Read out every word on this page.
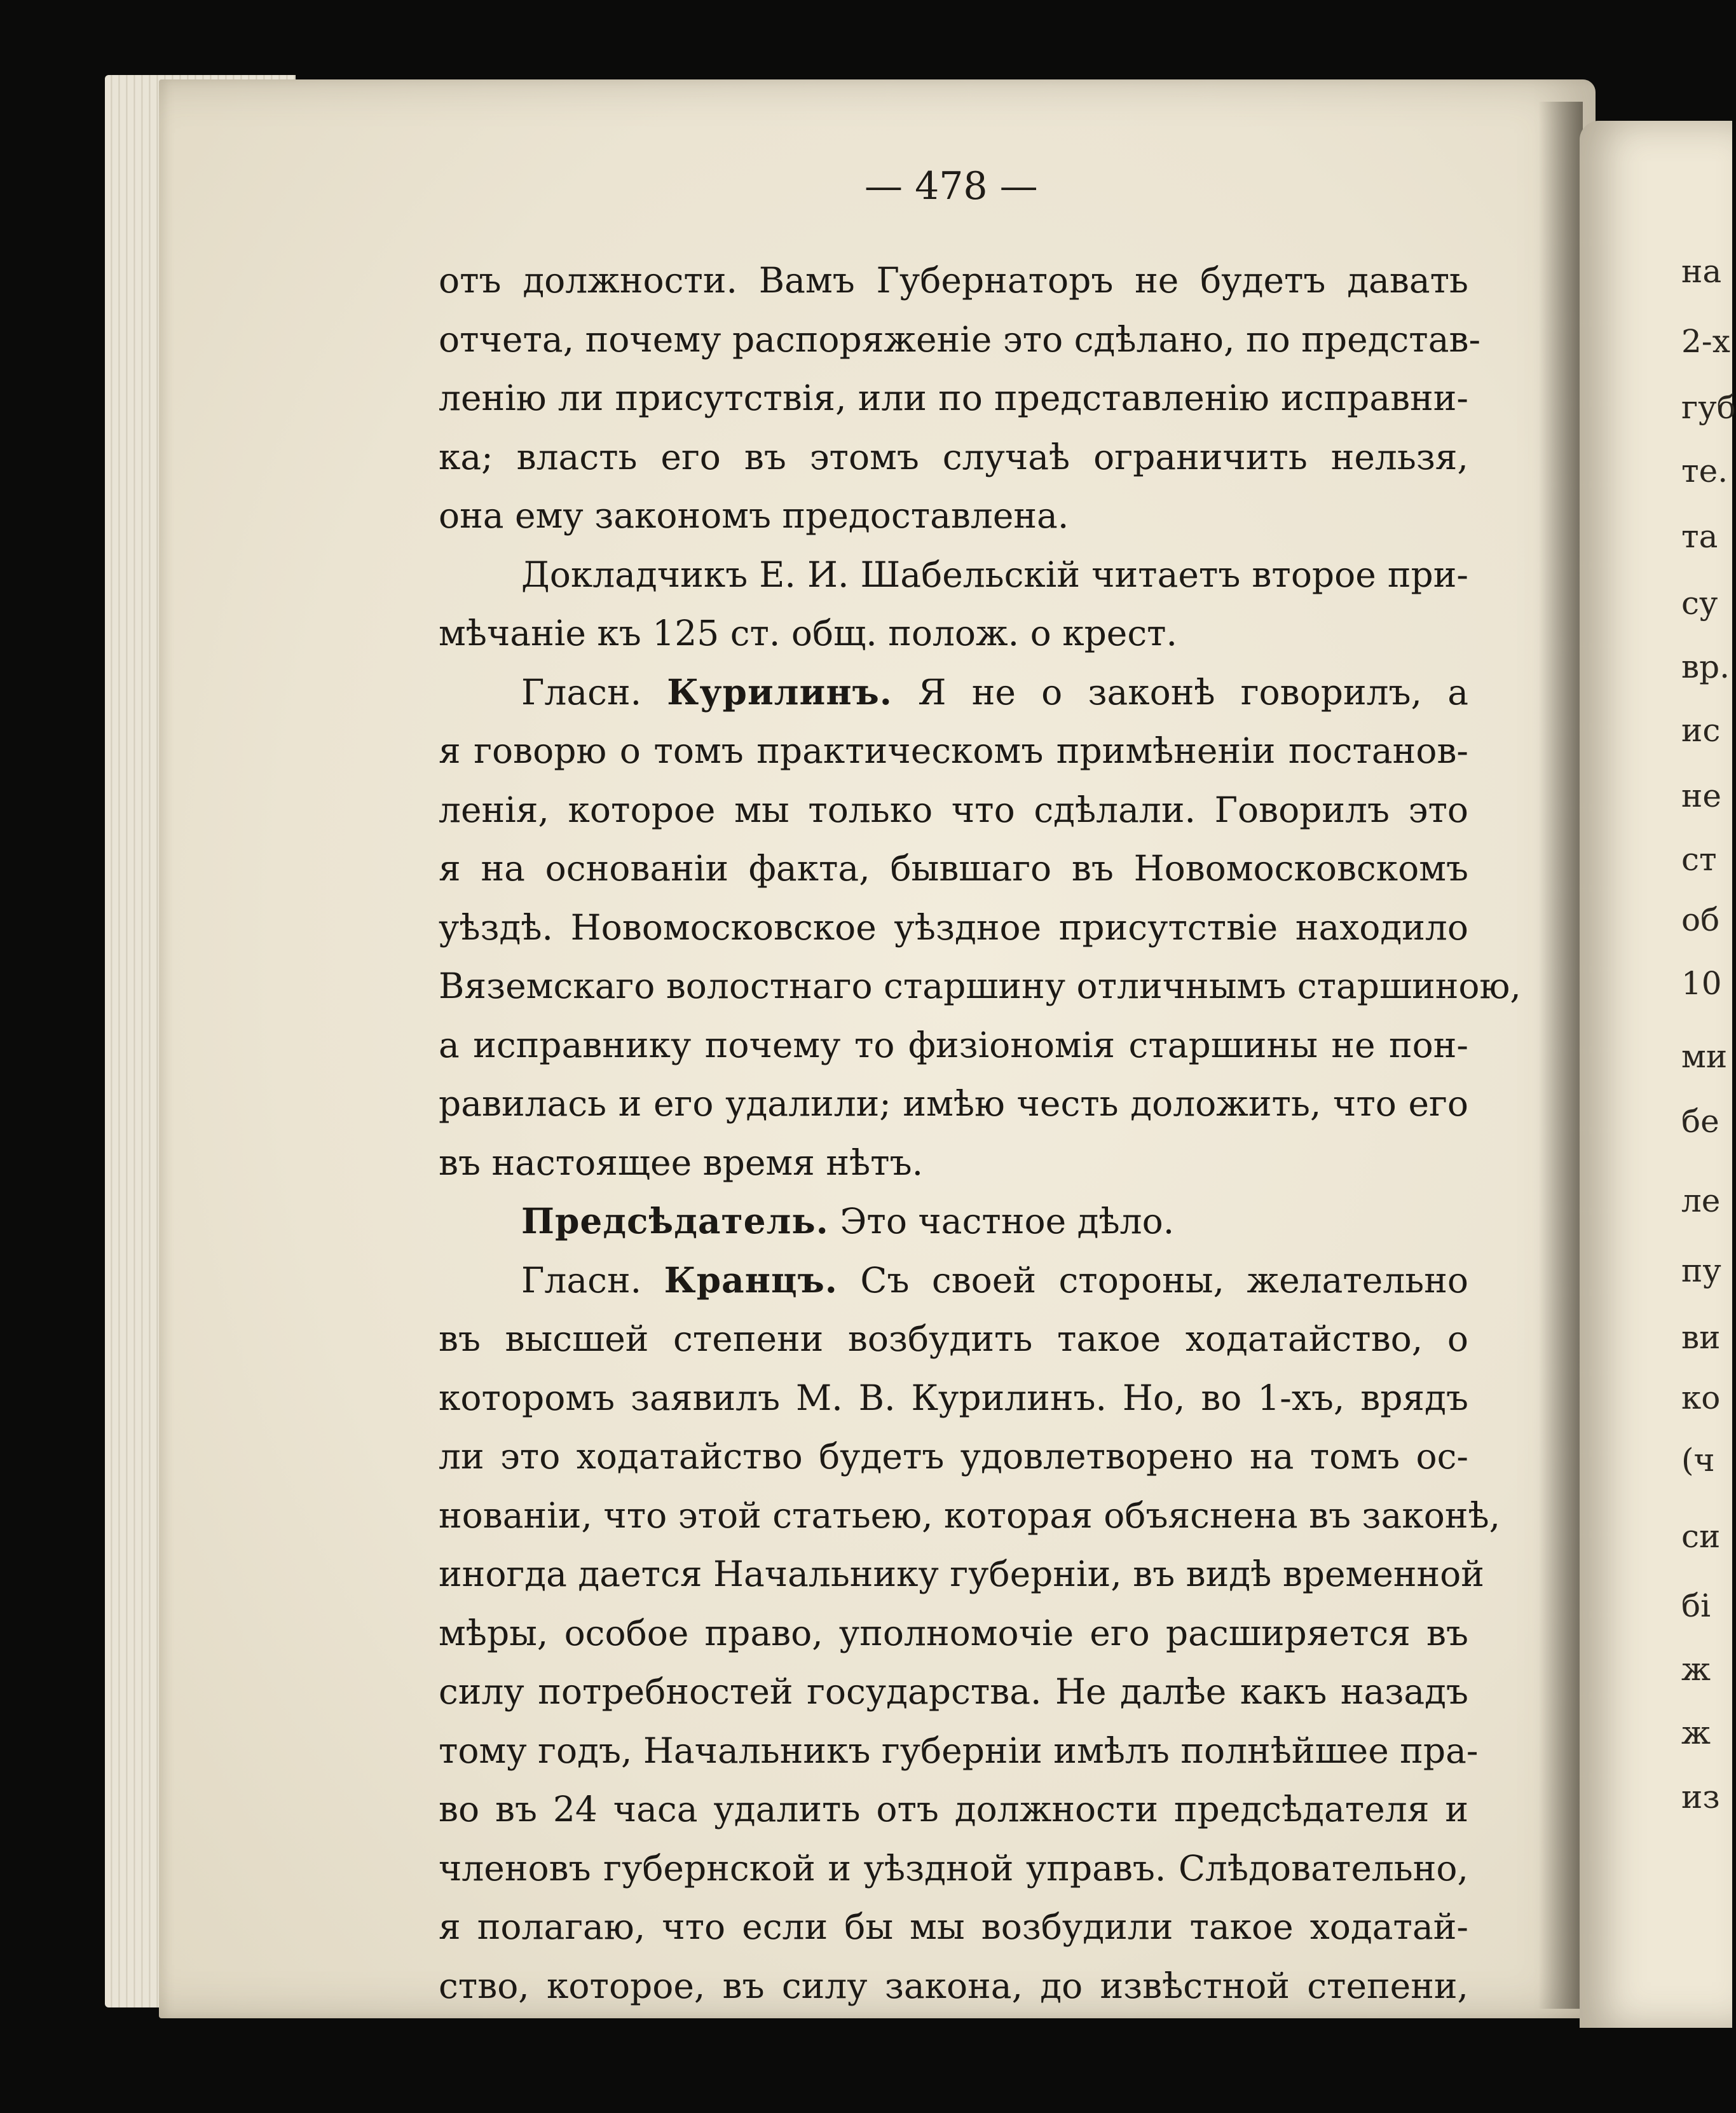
на
2-х
губ
те.
та
су
вр.
ис
не
ст
об
10
ми
бе
ле
пу
ви
ко
(ч
си
бі
ж
ж
из
— 478 —
отъ должности. Вамъ Губернаторъ не будетъ давать
отчета, почему распоряженіе это сдѣлано, по представ-
ленію ли присутствія, или по представленію исправни-
ка; власть его въ этомъ случаѣ ограничить нельзя,
она ему закономъ предоставлена.
Докладчикъ Е. И. Шабельскій читаетъ второе при-
мѣчаніе къ 125 ст. общ. полож. о крест.
Гласн. Курилинъ. Я не о законѣ говорилъ, а
я говорю о томъ практическомъ примѣненіи постанов-
ленія, которое мы только что сдѣлали. Говорилъ это
я на основаніи факта, бывшаго въ Новомосковскомъ
уѣздѣ. Новомосковское уѣздное присутствіе находило
Вяземскаго волостнаго старшину отличнымъ старшиною,
а исправнику почему то физіономія старшины не пон-
равилась и его удалили; имѣю честь доложить, что его
въ настоящее время нѣтъ.
Предсѣдатель. Это частное дѣло.
Гласн. Кранцъ. Съ своей стороны, желательно
въ высшей степени возбудить такое ходатайство, о
которомъ заявилъ М. В. Курилинъ. Но, во 1-хъ, врядъ
ли это ходатайство будетъ удовлетворено на томъ ос-
нованіи, что этой статьею, которая объяснена въ законѣ,
иногда дается Начальнику губерніи, въ видѣ временной
мѣры, особое право, уполномочіе его расширяется въ
силу потребностей государства. Не далѣе какъ назадъ
тому годъ, Начальникъ губерніи имѣлъ полнѣйшее пра-
во въ 24 часа удалить отъ должности предсѣдателя и
членовъ губернской и уѣздной управъ. Слѣдовательно,
я полагаю, что если бы мы возбудили такое ходатай-
ство, которое, въ силу закона, до извѣстной степени,
